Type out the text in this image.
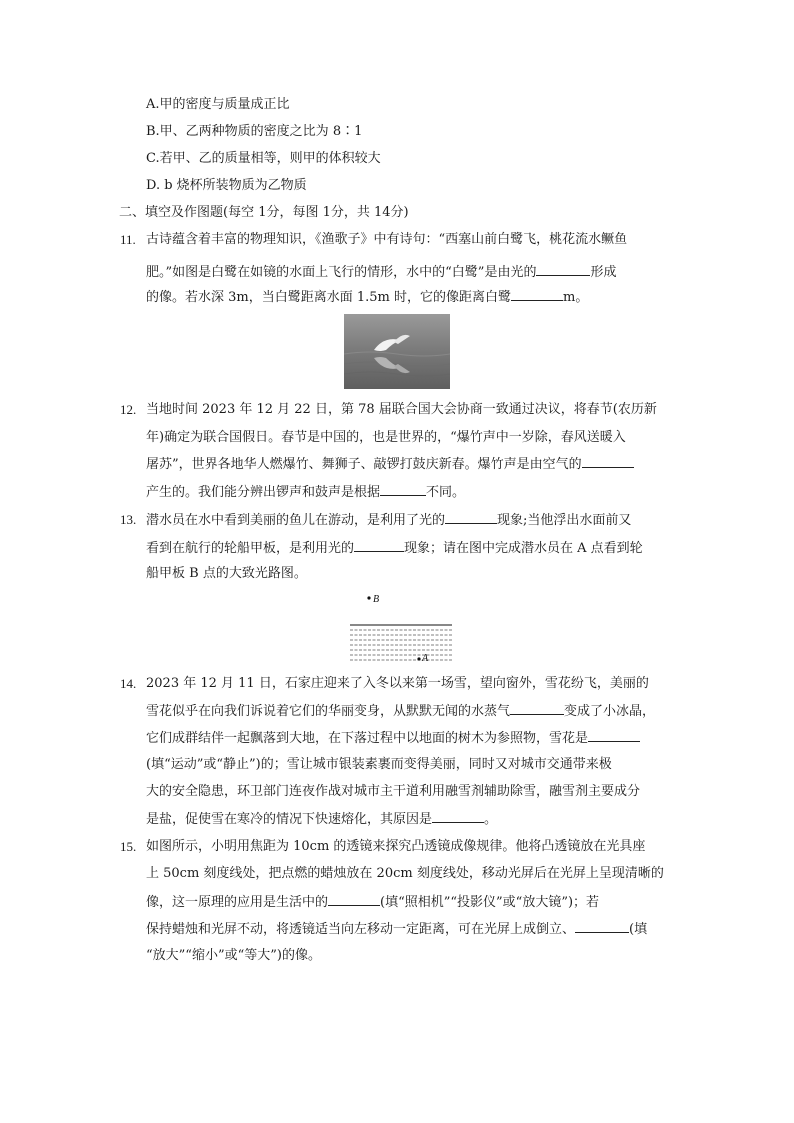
A.甲的密度与质量成正比
B.甲、乙两种物质的密度之比为 8∶1
C.若甲、乙的质量相等，则甲的体积较大
D. b 烧杯所装物质为乙物质
二、填空及作图题(每空 1分，每图 1分，共 14分)
11. 古诗蕴含着丰富的物理知识，《渔歌子》中有诗句：“西塞山前白鹭飞，桃花流水鳜鱼
肥。”如图是白鹭在如镜的水面上飞行的情形，水中的“白鹭”是由光的	形成
的像。若水深 3m，当白鹭距离水面 1.5m 时，它的像距离白鹭	m。
12. 当地时间 2023 年 12 月 22 日，第 78 届联合国大会协商一致通过决议，将春节(农历新
年)确定为联合国假日。春节是中国的，也是世界的，“爆竹声中一岁除，春风送暖入
屠苏”，世界各地华人燃爆竹、舞狮子、敲锣打鼓庆新春。爆竹声是由空气的
产生的。我们能分辨出锣声和鼓声是根据	不同。
13. 潜水员在水中看到美丽的鱼儿在游动，是利用了光的	现象;当他浮出水面前又
看到在航行的轮船甲板，是利用光的	现象；请在图中完成潜水员在 A 点看到轮
船甲板 B 点的大致光路图。
B
A
14. 2023 年 12 月 11 日，石家庄迎来了入冬以来第一场雪，望向窗外，雪花纷飞，美丽的
雪花似乎在向我们诉说着它们的华丽变身，从默默无闻的水蒸气	变成了小冰晶，
它们成群结伴一起飘落到大地，在下落过程中以地面的树木为参照物，雪花是
(填“运动”或“静止”)的；雪让城市银装素裹而变得美丽，同时又对城市交通带来极
大的安全隐患，环卫部门连夜作战对城市主干道利用融雪剂辅助除雪，融雪剂主要成分
是盐，促使雪在寒冷的情况下快速熔化，其原因是	。
15. 如图所示，小明用焦距为 10cm 的透镜来探究凸透镜成像规律。他将凸透镜放在光具座
上 50cm 刻度线处，把点燃的蜡烛放在 20cm 刻度线处，移动光屏后在光屏上呈现清晰的
像，这一原理的应用是生活中的	(填“照相机”“投影仪”或“放大镜”)；若
保持蜡烛和光屏不动，将透镜适当向左移动一定距离，可在光屏上成倒立、	(填
“放大”“缩小”或“等大”)的像。
